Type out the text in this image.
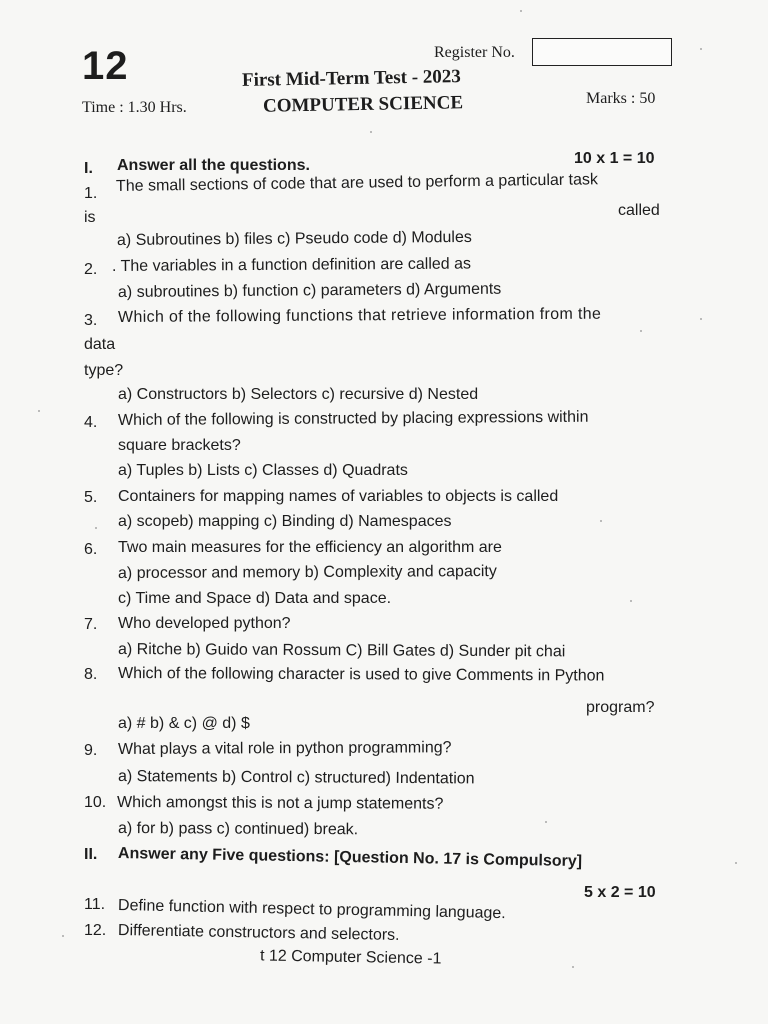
12	Register No.
First Mid-Term Test - 2023
COMPUTER SCIENCE
Time : 1.30 Hrs.
Marks : 50
I. Answer all the questions.	10 x 1 = 10
1. The small sections of code that are used to perform a particular task
is	called
a) Subroutines b) files c) Pseudo code d) Modules
2. . The variables in a function definition are called as
a) subroutines b) function c) parameters d) Arguments
3. Which of the following functions that retrieve information from the
data
type?
a) Constructors b) Selectors c) recursive d) Nested
4. Which of the following is constructed by placing expressions within
square brackets?
a) Tuples b) Lists c) Classes d) Quadrats
5. Containers for mapping names of variables to objects is called
a) scopeb) mapping c) Binding d) Namespaces
6. Two main measures for the efficiency an algorithm are
a) processor and memory b) Complexity and capacity
c) Time and Space d) Data and space.
7. Who developed python?
a) Ritche b) Guido van Rossum C) Bill Gates d) Sunder pit chai
8. Which of the following character is used to give Comments in Python
program?
a) # b) & c) @ d) $
9. What plays a vital role in python programming?
a) Statements b) Control c) structured) Indentation
10. Which amongst this is not a jump statements?
a) for b) pass c) continued) break.
II. Answer any Five questions: [Question No. 17 is Compulsory]
5 x 2 = 10
11. Define function with respect to programming language.
12. Differentiate constructors and selectors.
t 12 Computer Science -1
